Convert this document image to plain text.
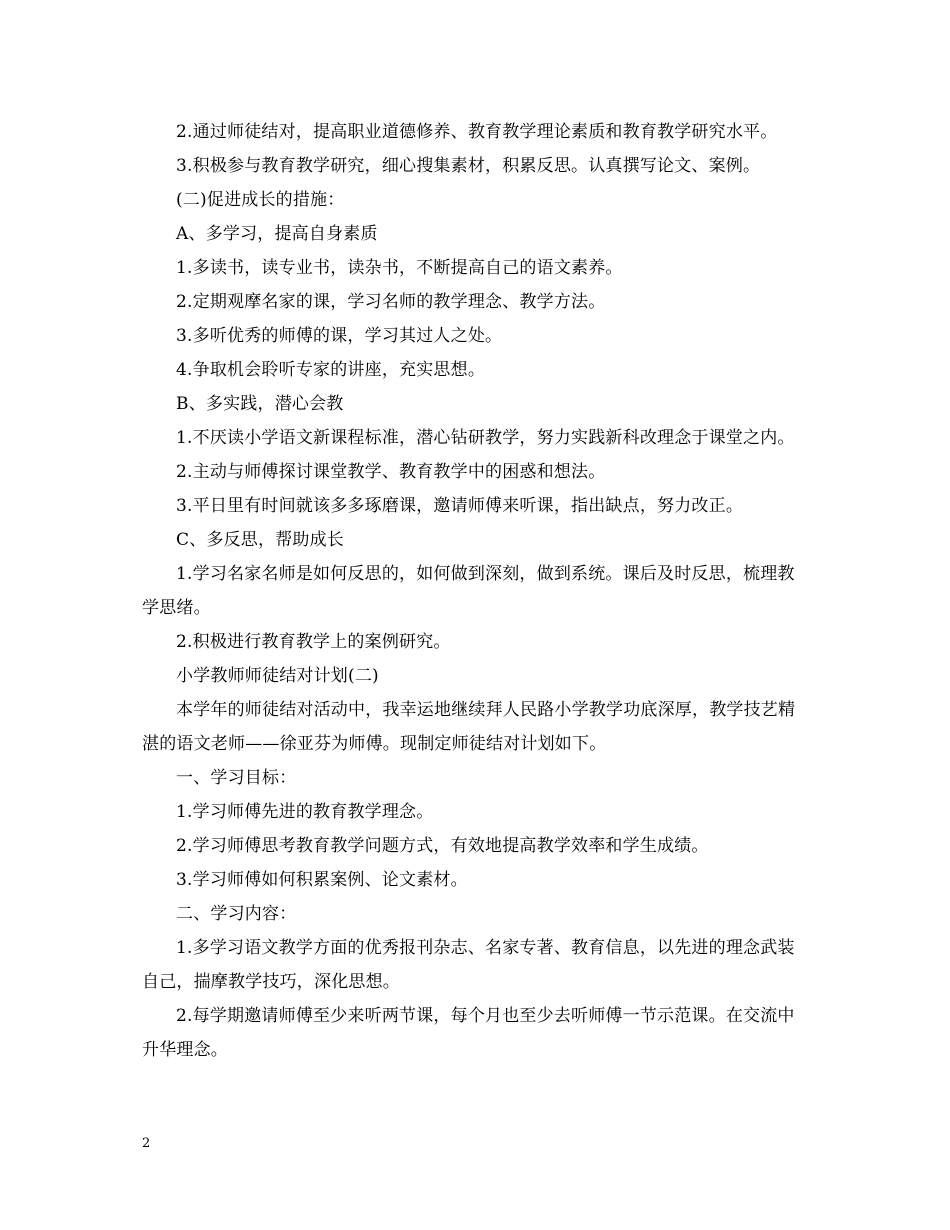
2.通过师徒结对，提高职业道德修养、教育教学理论素质和教育教学研究水平。

3.积极参与教育教学研究，细心搜集素材，积累反思。认真撰写论文、案例。

(二)促进成长的措施：

A、多学习，提高自身素质

1.多读书，读专业书，读杂书，不断提高自己的语文素养。

2.定期观摩名家的课，学习名师的教学理念、教学方法。

3.多听优秀的师傅的课，学习其过人之处。

4.争取机会聆听专家的讲座，充实思想。

B、多实践，潜心会教

1.不厌读小学语文新课程标准，潜心钻研教学，努力实践新科改理念于课堂之内。

2.主动与师傅探讨课堂教学、教育教学中的困惑和想法。

3.平日里有时间就该多多琢磨课，邀请师傅来听课，指出缺点，努力改正。

C、多反思，帮助成长

1.学习名家名师是如何反思的，如何做到深刻，做到系统。课后及时反思，梳理教学思绪。

2.积极进行教育教学上的案例研究。

小学教师师徒结对计划(二)

本学年的师徒结对活动中，我幸运地继续拜人民路小学教学功底深厚，教学技艺精湛的语文老师——徐亚芬为师傅。现制定师徒结对计划如下。

一、学习目标：

1.学习师傅先进的教育教学理念。

2.学习师傅思考教育教学问题方式，有效地提高教学效率和学生成绩。

3.学习师傅如何积累案例、论文素材。

二、学习内容：

1.多学习语文教学方面的优秀报刊杂志、名家专著、教育信息，以先进的理念武装自己，揣摩教学技巧，深化思想。

2.每学期邀请师傅至少来听两节课，每个月也至少去听师傅一节示范课。在交流中升华理念。

2
